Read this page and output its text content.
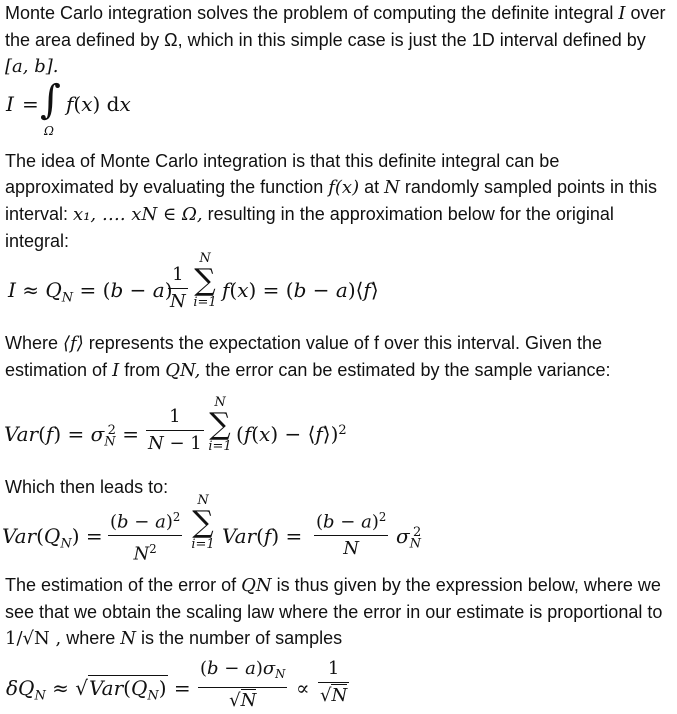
Monte Carlo integration solves the problem of computing the definite integral I over the area defined by Ω, which in this simple case is just the 1D interval defined by [a, b].

I = ∫
Ω
f(x) dx

The idea of Monte Carlo integration is that this definite integral can be approximated by evaluating the function f(x) at N randomly sampled points in this interval: x₁, …. xN ∈ Ω, resulting in the approximation below for the original integral:

$I \approx Q_N = (b - a)$
$\frac{1}{N}$
N
∑
i=1
f(x) = (b − a)⟨f⟩

Where ⟨f⟩ represents the expectation value of f over this interval. Given the estimation of I from QN, the error can be estimated by the sample variance:

$Var(f) = \sigma_N^2 = \frac{1}{N - 1}$
N
∑
i=1
(f(x) − ⟨f⟩)$^2$

Which then leads to:

$Var(Q_N) = \frac{(b - a)^2}{N^2}$
N
∑
i=1 $Var(f) = \frac{(b - a)^2}{N} \sigma_N^2$

The estimation of the error of QN is thus given by the expression below, where we see that we obtain the scaling law where the error in our estimate is proportional to 1/√N , where N is the number of samples

$\delta Q_N \approx √Var(Q_N) = \frac{(b - a)\sigma_N}{√N} \propto \frac{1}{√N}$
